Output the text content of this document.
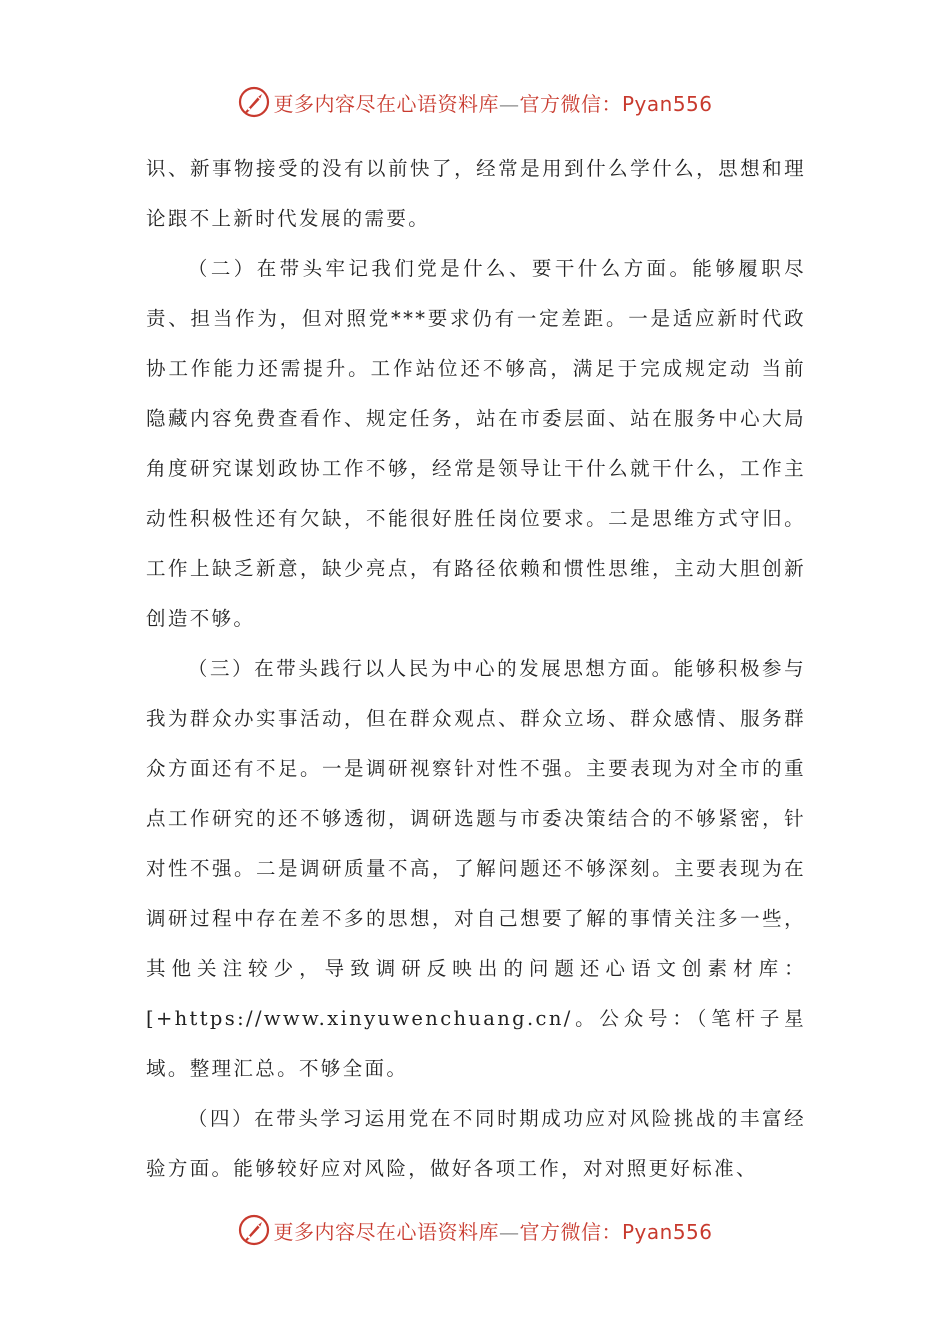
更多内容尽在心语资料库—官方微信：Pyan556

识、新事物接受的没有以前快了，经常是用到什么学什么，思想和理论跟不上新时代发展的需要。

（二）在带头牢记我们党是什么、要干什么方面。能够履职尽责、担当作为，但对照党***要求仍有一定差距。一是适应新时代政协工作能力还需提升。工作站位还不够高，满足于完成规定动 当前隐藏内容免费查看作、规定任务，站在市委层面、站在服务中心大局角度研究谋划政协工作不够，经常是领导让干什么就干什么，工作主动性积极性还有欠缺，不能很好胜任岗位要求。二是思维方式守旧。工作上缺乏新意，缺少亮点，有路径依赖和惯性思维，主动大胆创新创造不够。

（三）在带头践行以人民为中心的发展思想方面。能够积极参与我为群众办实事活动，但在群众观点、群众立场、群众感情、服务群众方面还有不足。一是调研视察针对性不强。主要表现为对全市的重点工作研究的还不够透彻，调研选题与市委决策结合的不够紧密，针对性不强。二是调研质量不高，了解问题还不够深刻。主要表现为在调研过程中存在差不多的思想，对自己想要了解的事情关注多一些，其他关注较少，导致调研反映出的问题还心语文创素材库：[+https://www.xinyuwenchuang.cn/。公众号：（笔杆子星域。整理汇总。不够全面。

（四）在带头学习运用党在不同时期成功应对风险挑战的丰富经验方面。能够较好应对风险，做好各项工作，对对照更好标准、

更多内容尽在心语资料库—官方微信：Pyan556
